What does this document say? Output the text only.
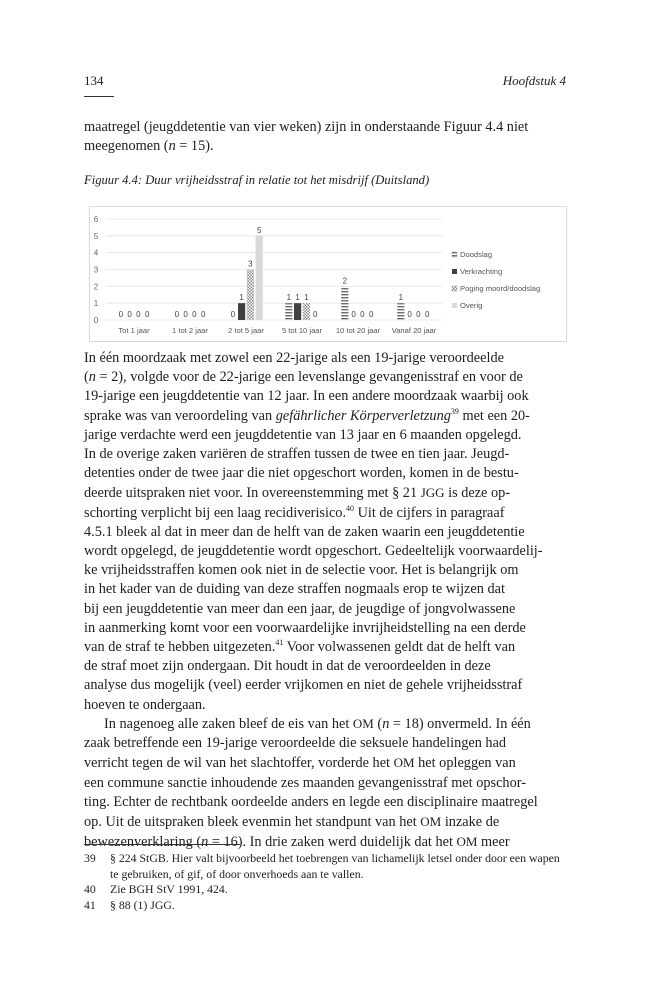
134	Hoofdstuk 4

maatregel (jeugddetentie van vier weken) zijn in onderstaande Figuur 4.4 niet

meegenomen (n = 15).

Figuur 4.4: Duur vrijheidsstraf in relatie tot het misdrijf (Duitsland)
0
1
2
3
4
5
6
0 0 0 0
Tot 1 jaar
0 0 0 0
1 tot 2 jaar
0
1
3
5
2 tot 5 jaar
1 1 1
0
5 tot 10 jaar
2
0 0 0
10 tot 20 jaar
1
0 0 0
Vanaf 20 jaar
Doodslag
Verkrachting
Poging moord/doodslag
Overig

In één moordzaak met zowel een 22-jarige als een 19-jarige veroordeelde

(n = 2), volgde voor de 22-jarige een levenslange gevangenisstraf en voor de

19-jarige een jeugddetentie van 12 jaar. In een andere moordzaak waarbij ook

sprake was van veroordeling van gefährlicher Körperverletzung$^{39}$ met een 20-

jarige verdachte werd een jeugddetentie van 13 jaar en 6 maanden opgelegd.

In de overige zaken variëren de straffen tussen de twee en tien jaar. Jeugd-

detenties onder de twee jaar die niet opgeschort worden, komen in de bestu-

deerde uitspraken niet voor. In overeenstemming met § 21 JGG is deze op-

schorting verplicht bij een laag recidiverisico.$^{40}$ Uit de cijfers in paragraaf

4.5.1 bleek al dat in meer dan de helft van de zaken waarin een jeugddetentie

wordt opgelegd, de jeugddetentie wordt opgeschort. Gedeeltelijk voorwaardelij-

ke vrijheidsstraffen komen ook niet in de selectie voor. Het is belangrijk om

in het kader van de duiding van deze straffen nogmaals erop te wijzen dat

bij een jeugddetentie van meer dan een jaar, de jeugdige of jongvolwassene

in aanmerking komt voor een voorwaardelijke invrijheidstelling na een derde

van de straf te hebben uitgezeten.$^{41}$ Voor volwassenen geldt dat de helft van

de straf moet zijn ondergaan. Dit houdt in dat de veroordeelden in deze

analyse dus mogelijk (veel) eerder vrijkomen en niet de gehele vrijheidsstraf

hoeven te ondergaan.

In nagenoeg alle zaken bleef de eis van het OM (n = 18) onvermeld. In één

zaak betreffende een 19-jarige veroordeelde die seksuele handelingen had

verricht tegen de wil van het slachtoffer, vorderde het OM het opleggen van

een commune sanctie inhoudende zes maanden gevangenisstraf met opschor-

ting. Echter de rechtbank oordeelde anders en legde een disciplinaire maatregel

op. Uit de uitspraken bleek evenmin het standpunt van het OM inzake de

bewezenverklaring (n = 16). In drie zaken werd duidelijk dat het OM meer

39	§ 224 StGB. Hier valt bijvoorbeeld het toebrengen van lichamelijk letsel onder door een wapen te gebruiken, of gif, of door onverhoeds aan te vallen.
40	Zie BGH StV 1991, 424.
41	§ 88 (1) JGG.
